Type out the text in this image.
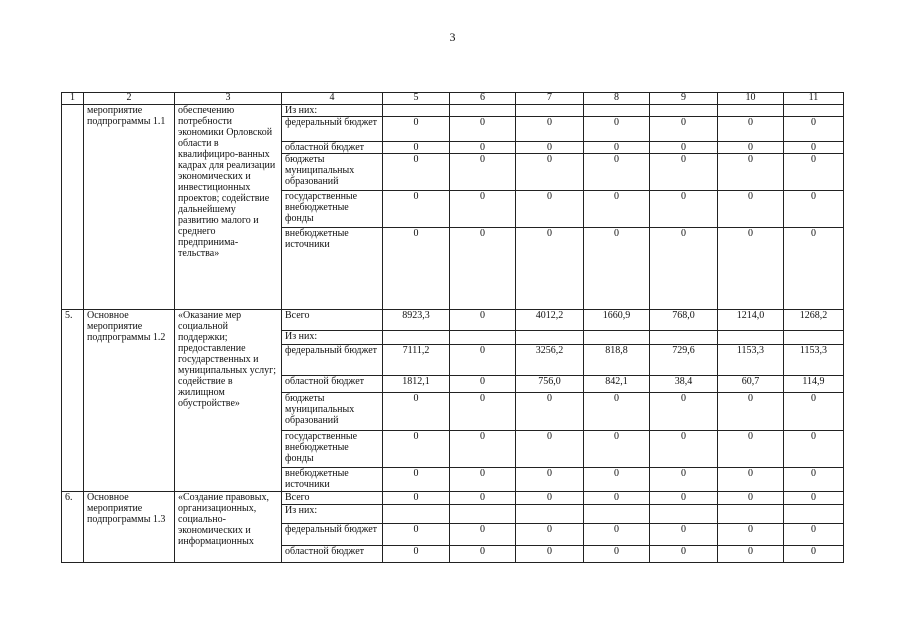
3
1	2	3	4	5	6	7	8	9	10	11
	мероприятие подпрограммы 1.1	обеспечению потребности экономики Орловской области в квалифициро-ванных кадрах для реализации экономических и инвестиционных проектов; содействие дальнейшему развитию малого и среднего предпринима-тельства»	Из них:							
			федеральный бюджет	0	0	0	0	0	0	0
			областной бюджет	0	0	0	0	0	0	0
			бюджеты муниципальных образований	0	0	0	0	0	0	0
			государственные внебюджетные фонды	0	0	0	0	0	0	0
			внебюджетные источники	0	0	0	0	0	0	0
5.	Основное мероприятие подпрограммы 1.2	«Оказание мер социальной поддержки; предоставление государственных и муниципальных услуг; содействие в жилищном обустройстве»	Всего	8923,3	0	4012,2	1660,9	768,0	1214,0	1268,2
			Из них:							
			федеральный бюджет	7111,2	0	3256,2	818,8	729,6	1153,3	1153,3
			областной бюджет	1812,1	0	756,0	842,1	38,4	60,7	114,9
			бюджеты муниципальных образований	0	0	0	0	0	0	0
			государственные внебюджетные фонды	0	0	0	0	0	0	0
			внебюджетные источники	0	0	0	0	0	0	0
6.	Основное мероприятие подпрограммы 1.3	«Создание правовых, организационных, социально-экономических и информационных	Всего	0	0	0	0	0	0	0
			Из них:							
			федеральный бюджет	0	0	0	0	0	0	0
			областной бюджет	0	0	0	0	0	0	0
